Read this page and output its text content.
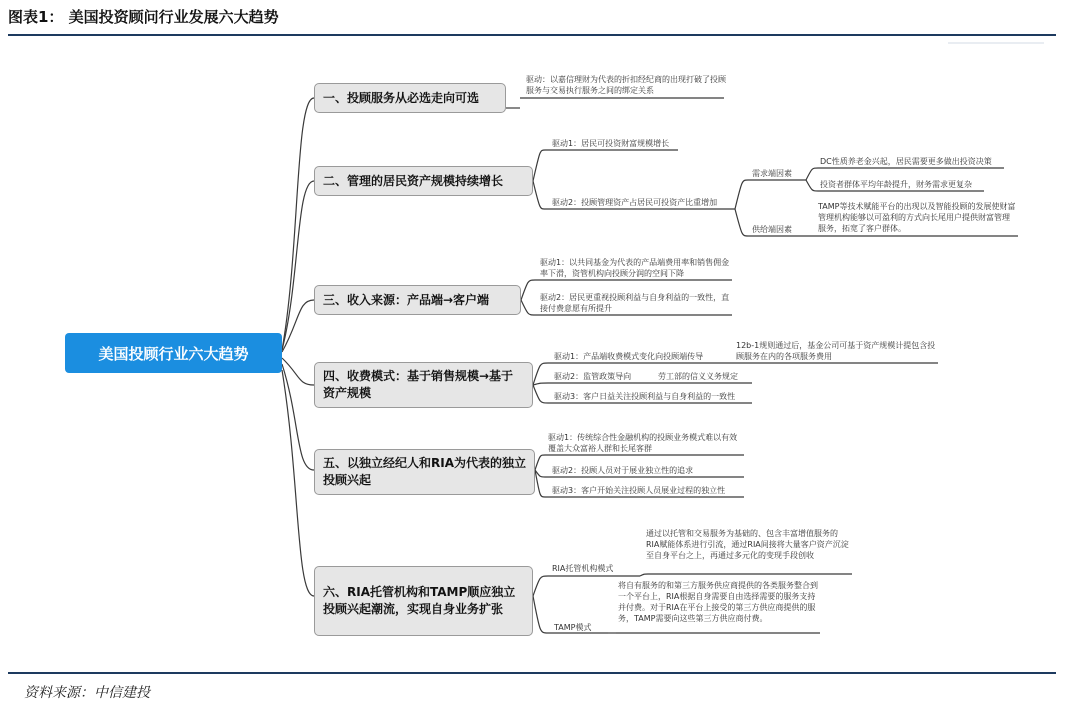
图表1： 美国投资顾问行业发展六大趋势
美国投顾行业六大趋势
一、投顾服务从必选走向可选
二、管理的居民资产规模持续增长
三、收入来源：产品端→客户端
四、收费模式：基于销售规模→基于资产规模
五、以独立经纪人和RIA为代表的独立投顾兴起
六、RIA托管机构和TAMP顺应独立投顾兴起潮流，实现自身业务扩张
驱动：以嘉信理财为代表的折扣经纪商的出现打破了投顾服务与交易执行服务之间的绑定关系
驱动1：居民可投资财富规模增长
驱动2：投顾管理资产占居民可投资产比重增加
需求端因素
供给端因素
DC性质养老金兴起，居民需要更多做出投资决策
投资者群体平均年龄提升，财务需求更复杂
TAMP等技术赋能平台的出现以及智能投顾的发展使财富管理机构能够以可盈利的方式向长尾用户提供财富管理服务，拓宽了客户群体。
驱动1：以共同基金为代表的产品端费用率和销售佣金率下滑，资管机构向投顾分润的空间下降
驱动2：居民更重视投顾利益与自身利益的一致性，直接付费意愿有所提升
驱动1：产品端收费模式变化向投顾端传导
12b-1规则通过后，基金公司可基于资产规模计提包含投顾服务在内的各项服务费用
驱动2：监管政策导向	劳工部的信义义务规定
驱动3：客户日益关注投顾利益与自身利益的一致性
驱动1：传统综合性金融机构的投顾业务模式难以有效覆盖大众富裕人群和长尾客群
驱动2：投顾人员对于展业独立性的追求
驱动3：客户开始关注投顾人员展业过程的独立性
RIA托管机构模式
通过以托管和交易服务为基础的、包含丰富增值服务的RIA赋能体系进行引流，通过RIA间接将大量客户资产沉淀至自身平台之上，再通过多元化的变现手段创收
TAMP模式
将自有服务的和第三方服务供应商提供的各类服务整合到一个平台上，RIA根据自身需要自由选择需要的服务支持并付费。对于RIA在平台上接受的第三方供应商提供的服务，TAMP需要向这些第三方供应商付费。
资料来源：中信建投
